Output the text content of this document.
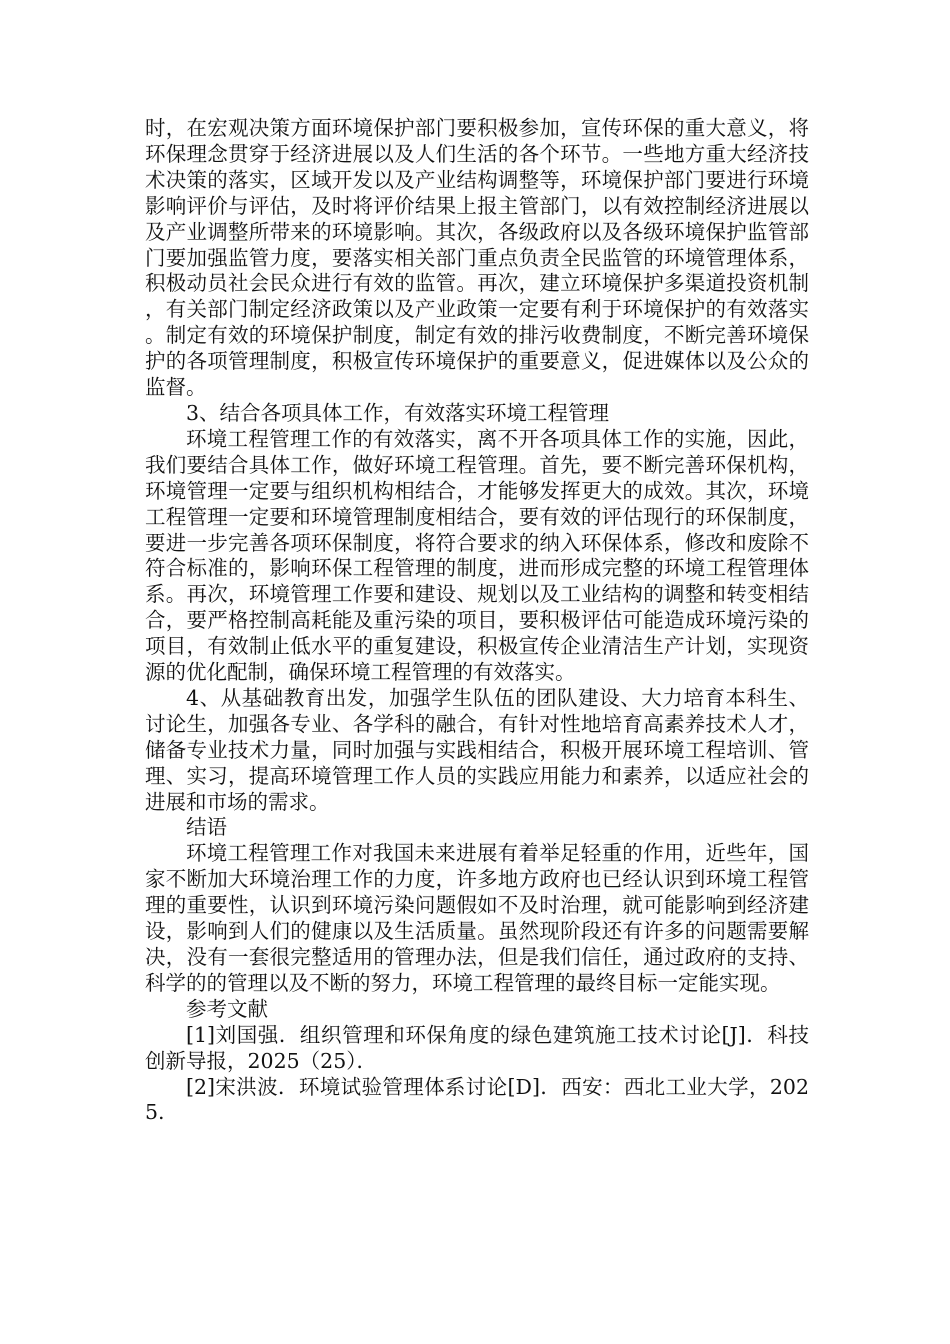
时，在宏观决策方面环境保护部门要积极参加，宣传环保的重大意义，将环保理念贯穿于经济进展以及人们生活的各个环节。一些地方重大经济技术决策的落实，区域开发以及产业结构调整等，环境保护部门要进行环境影响评价与评估，及时将评价结果上报主管部门，以有效控制经济进展以及产业调整所带来的环境影响。其次，各级政府以及各级环境保护监管部门要加强监管力度，要落实相关部门重点负责全民监管的环境管理体系，积极动员社会民众进行有效的监管。再次，建立环境保护多渠道投资机制，有关部门制定经济政策以及产业政策一定要有利于环境保护的有效落实。制定有效的环境保护制度，制定有效的排污收费制度，不断完善环境保护的各项管理制度，积极宣传环境保护的重要意义，促进媒体以及公众的监督。

3、结合各项具体工作，有效落实环境工程管理

环境工程管理工作的有效落实，离不开各项具体工作的实施，因此，我们要结合具体工作，做好环境工程管理。首先，要不断完善环保机构，环境管理一定要与组织机构相结合，才能够发挥更大的成效。其次，环境工程管理一定要和环境管理制度相结合，要有效的评估现行的环保制度，要进一步完善各项环保制度，将符合要求的纳入环保体系，修改和废除不符合标准的，影响环保工程管理的制度，进而形成完整的环境工程管理体系。再次，环境管理工作要和建设、规划以及工业结构的调整和转变相结合，要严格控制高耗能及重污染的项目，要积极评估可能造成环境污染的项目，有效制止低水平的重复建设，积极宣传企业清洁生产计划，实现资源的优化配制，确保环境工程管理的有效落实。

4、从基础教育出发，加强学生队伍的团队建设、大力培育本科生、讨论生，加强各专业、各学科的融合，有针对性地培育高素养技术人才，储备专业技术力量，同时加强与实践相结合，积极开展环境工程培训、管理、实习，提高环境管理工作人员的实践应用能力和素养，以适应社会的进展和市场的需求。

结语

环境工程管理工作对我国未来进展有着举足轻重的作用，近些年，国家不断加大环境治理工作的力度，许多地方政府也已经认识到环境工程管理的重要性，认识到环境污染问题假如不及时治理，就可能影响到经济建设，影响到人们的健康以及生活质量。虽然现阶段还有许多的问题需要解决，没有一套很完整适用的管理办法，但是我们信任，通过政府的支持、科学的的管理以及不断的努力，环境工程管理的最终目标一定能实现。

参考文献

[1]刘国强．组织管理和环保角度的绿色建筑施工技术讨论[J]．科技创新导报，2025（25）．

[2]宋洪波．环境试验管理体系讨论[D]．西安：西北工业大学，2025.
